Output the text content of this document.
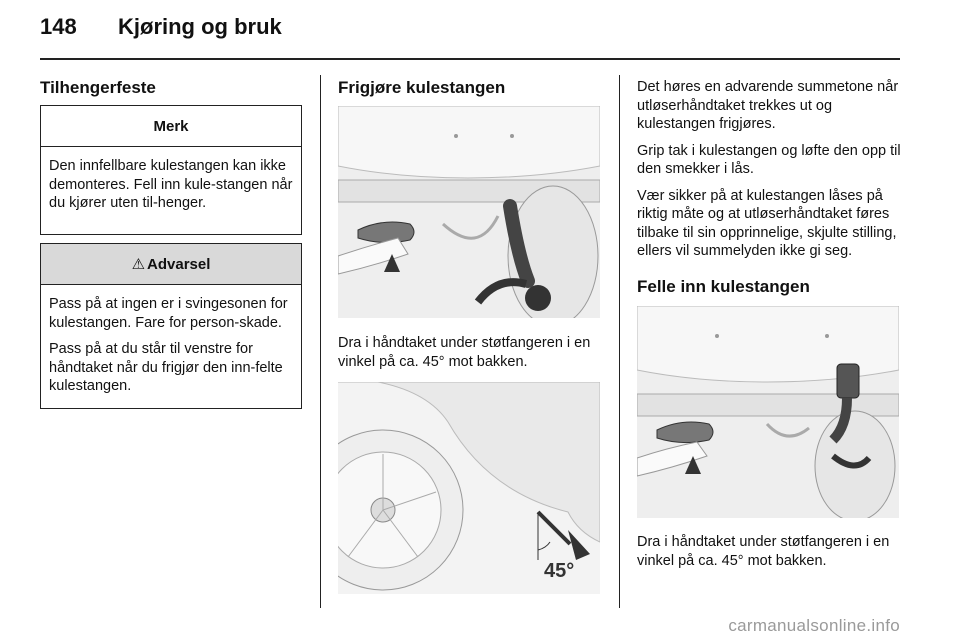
148 Kjøring og bruk
Tilhengerfeste
Merk

Den innfellbare kulestangen kan ikke demonteres. Fell inn kule-stangen når du kjører uten til-henger.

⚠ Advarsel

Pass på at ingen er i svingesonen for kulestangen. Fare for person-skade.

Pass på at du står til venstre for håndtaket når du frigjør den inn-felte kulestangen.

Frigjøre kulestangen
Dra i håndtaket under støtfangeren i en vinkel på ca. 45° mot bakken.
45°

Det høres en advarende summetone når utløserhåndtaket trekkes ut og kulestangen frigjøres.

Grip tak i kulestangen og løfte den opp til den smekker i lås.

Vær sikker på at kulestangen låses på riktig måte og at utløserhåndtaket føres tilbake til sin opprinnelige, skjulte stilling, ellers vil summelyden ikke gi seg.

Felle inn kulestangen
Dra i håndtaket under støtfangeren i en vinkel på ca. 45° mot bakken.
carmanualsonline.info
